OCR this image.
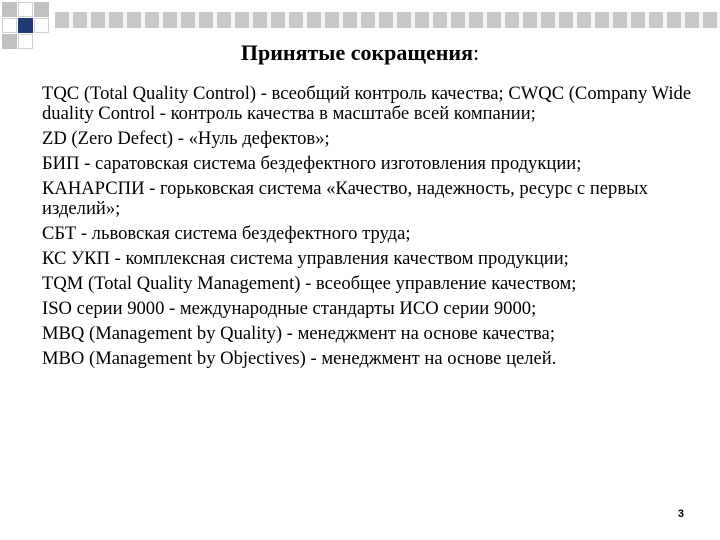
Принятые сокращения:
TQC (Total Quality Control) - всеобщий контроль качества; CWQC (Company Wide duality Control - контроль качества в масштабе всей компании;
ZD (Zero Defect) - «Нуль дефектов»;
БИП - саратовская система бездефектного изготовления продукции;
КАНАРСПИ - горьковская система «Качество, надежность, ресурс с первых изделий»;
СБТ - львовская система бездефектного труда;
КС УКП - комплексная система управления качеством продукции;
TQM (Total Quality Management) - всеобщее управление качеством;
ISO серии 9000 - международные стандарты ИСО серии 9000;
MBQ (Management by Quality) - менеджмент на основе качества;
MBO (Management by Objectives) - менеджмент на основе целей.
3
